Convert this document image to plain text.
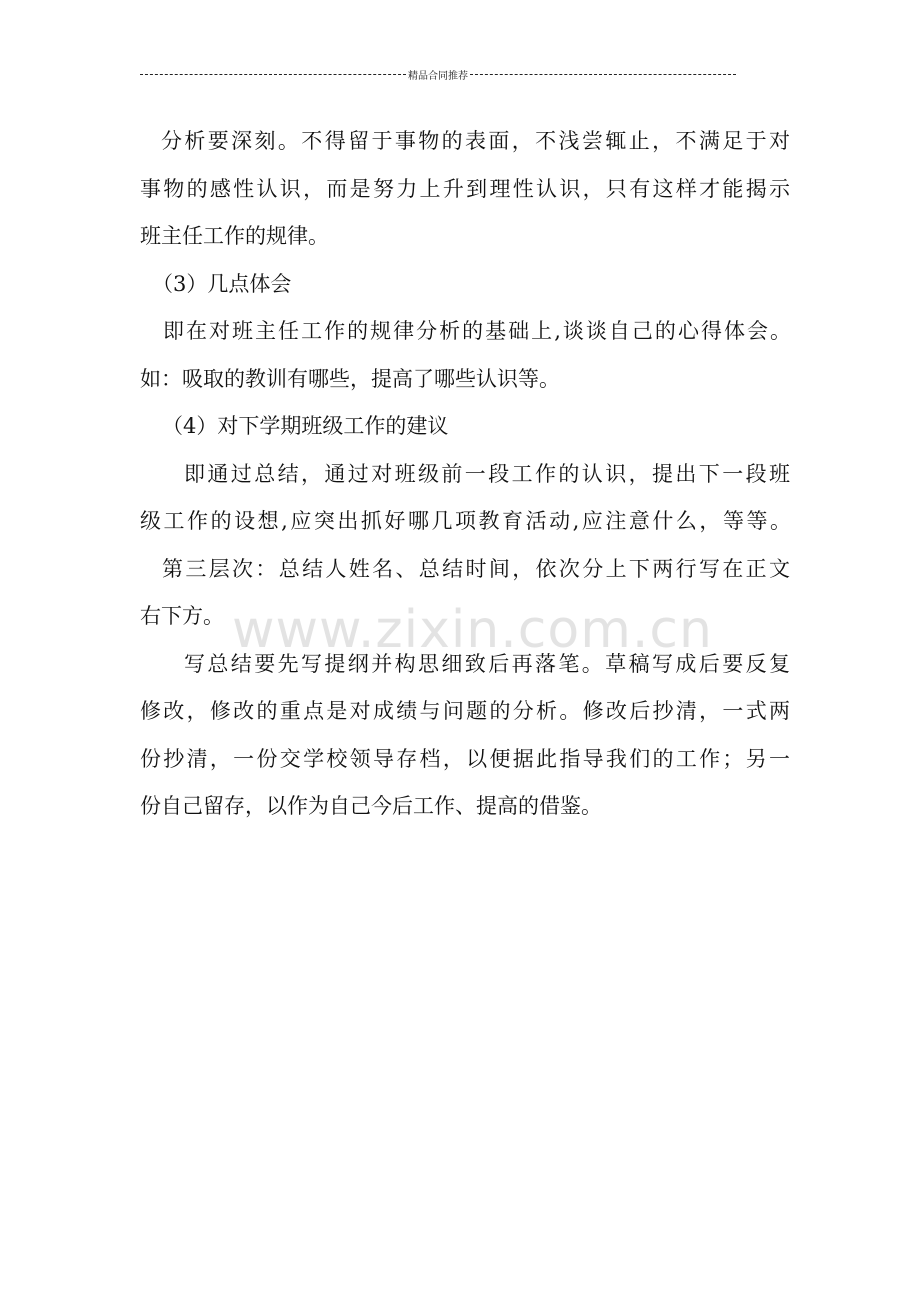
精品合同推荐
www.zixin.com.cn
分析要深刻。不得留于事物的表面，不浅尝辄止，不满足于对
事物的感性认识，而是努力上升到理性认识，只有这样才能揭示
班主任工作的规律。
（3）几点体会
即在对班主任工作的规律分析的基础上,谈谈自己的心得体会。
如：吸取的教训有哪些，提高了哪些认识等。
（4）对下学期班级工作的建议
即通过总结，通过对班级前一段工作的认识，提出下一段班
级工作的设想,应突出抓好哪几项教育活动,应注意什么，等等。
第三层次：总结人姓名、总结时间，依次分上下两行写在正文
右下方。
写总结要先写提纲并构思细致后再落笔。草稿写成后要反复
修改，修改的重点是对成绩与问题的分析。修改后抄清，一式两
份抄清，一份交学校领导存档，以便据此指导我们的工作；另一
份自己留存，以作为自己今后工作、提高的借鉴。
